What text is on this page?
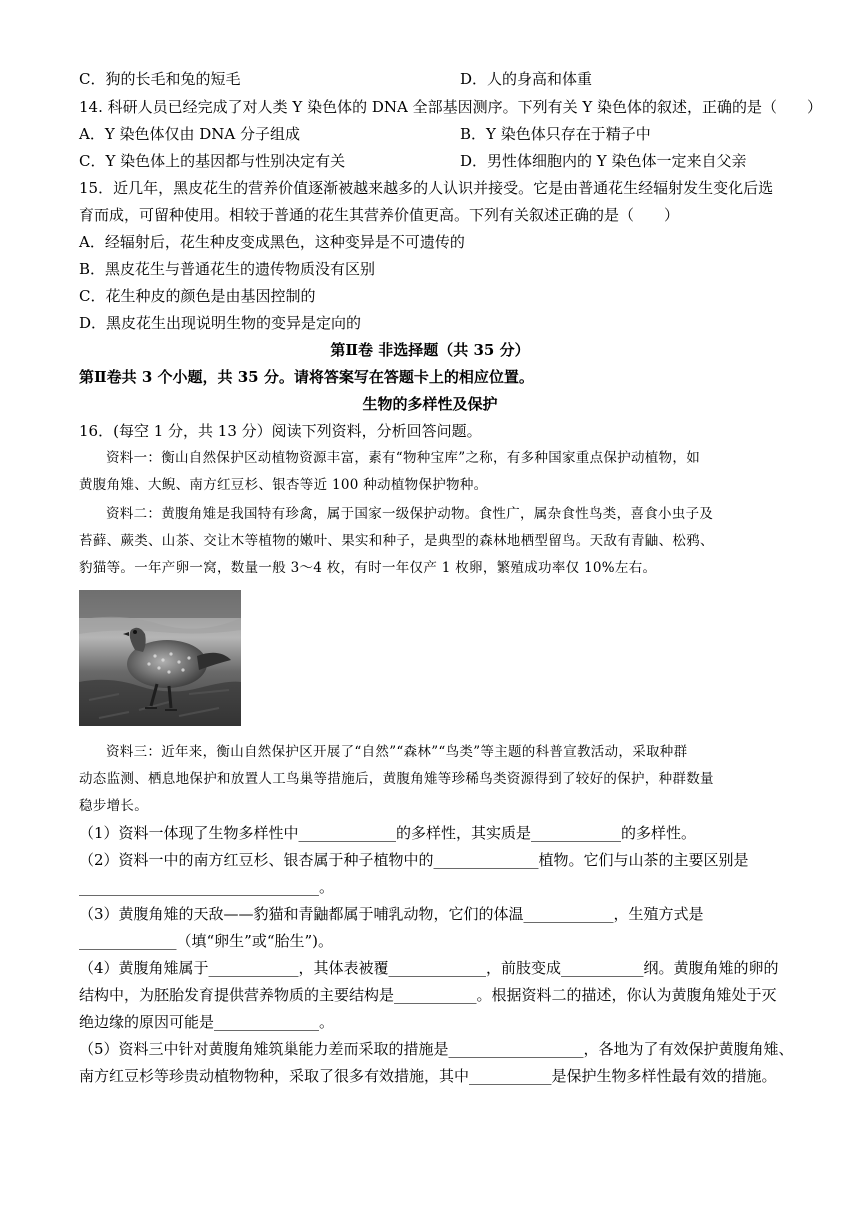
C．狗的长毛和兔的短毛	D．人的身高和体重
14. 科研人员已经完成了对人类 Y 染色体的 DNA 全部基因测序。下列有关 Y 染色体的叙述，正确的是（　　）
A．Y 染色体仅由 DNA 分子组成	B．Y 染色体只存在于精子中
C．Y 染色体上的基因都与性别决定有关	D．男性体细胞内的 Y 染色体一定来自父亲
15．近几年，黑皮花生的营养价值逐渐被越来越多的人认识并接受。它是由普通花生经辐射发生变化后选
育而成，可留种使用。相较于普通的花生其营养价值更高。下列有关叙述正确的是（　　）
A．经辐射后，花生种皮变成黑色，这种变异是不可遗传的
B．黑皮花生与普通花生的遗传物质没有区别
C．花生种皮的颜色是由基因控制的
D．黑皮花生出现说明生物的变异是定向的
第Ⅱ卷 非选择题（共 35 分）
第Ⅱ卷共 3 个小题，共 35 分。请将答案写在答题卡上的相应位置。
生物的多样性及保护
16．(每空 1 分，共 13 分）阅读下列资料，分析回答问题。
资料一：衡山自然保护区动植物资源丰富，素有“物种宝库”之称，有多种国家重点保护动植物，如
黄腹角雉、大鲵、南方红豆杉、银杏等近 100 种动植物保护物种。
资料二：黄腹角雉是我国特有珍禽，属于国家一级保护动物。食性广，属杂食性鸟类，喜食小虫子及
苔藓、蕨类、山茶、交让木等植物的嫩叶、果实和种子，是典型的森林地栖型留鸟。天敌有青鼬、松鸦、
豹猫等。一年产卵一窝，数量一般 3～4 枚，有时一年仅产 1 枚卵，繁殖成功率仅 10%左右。
资料三：近年来，衡山自然保护区开展了“自然”“森林”“鸟类”等主题的科普宣教活动，采取种群
动态监测、栖息地保护和放置人工鸟巢等措施后，黄腹角雉等珍稀鸟类资源得到了较好的保护，种群数量
稳步增长。
（1）资料一体现了生物多样性中_____________的多样性，其实质是____________的多样性。
（2）资料一中的南方红豆杉、银杏属于种子植物中的______________植物。它们与山茶的主要区别是
________________________________。
（3）黄腹角雉的天敌——豹猫和青鼬都属于哺乳动物，它们的体温____________，生殖方式是
_____________（填“卵生”或“胎生”)。
（4）黄腹角雉属于____________，其体表被覆_____________，前肢变成___________纲。黄腹角雉的卵的
结构中，为胚胎发育提供营养物质的主要结构是___________。根据资料二的描述，你认为黄腹角雉处于灭
绝边缘的原因可能是______________。
（5）资料三中针对黄腹角雉筑巢能力差而采取的措施是__________________，各地为了有效保护黄腹角雉、
南方红豆杉等珍贵动植物物种，采取了很多有效措施，其中___________是保护生物多样性最有效的措施。
